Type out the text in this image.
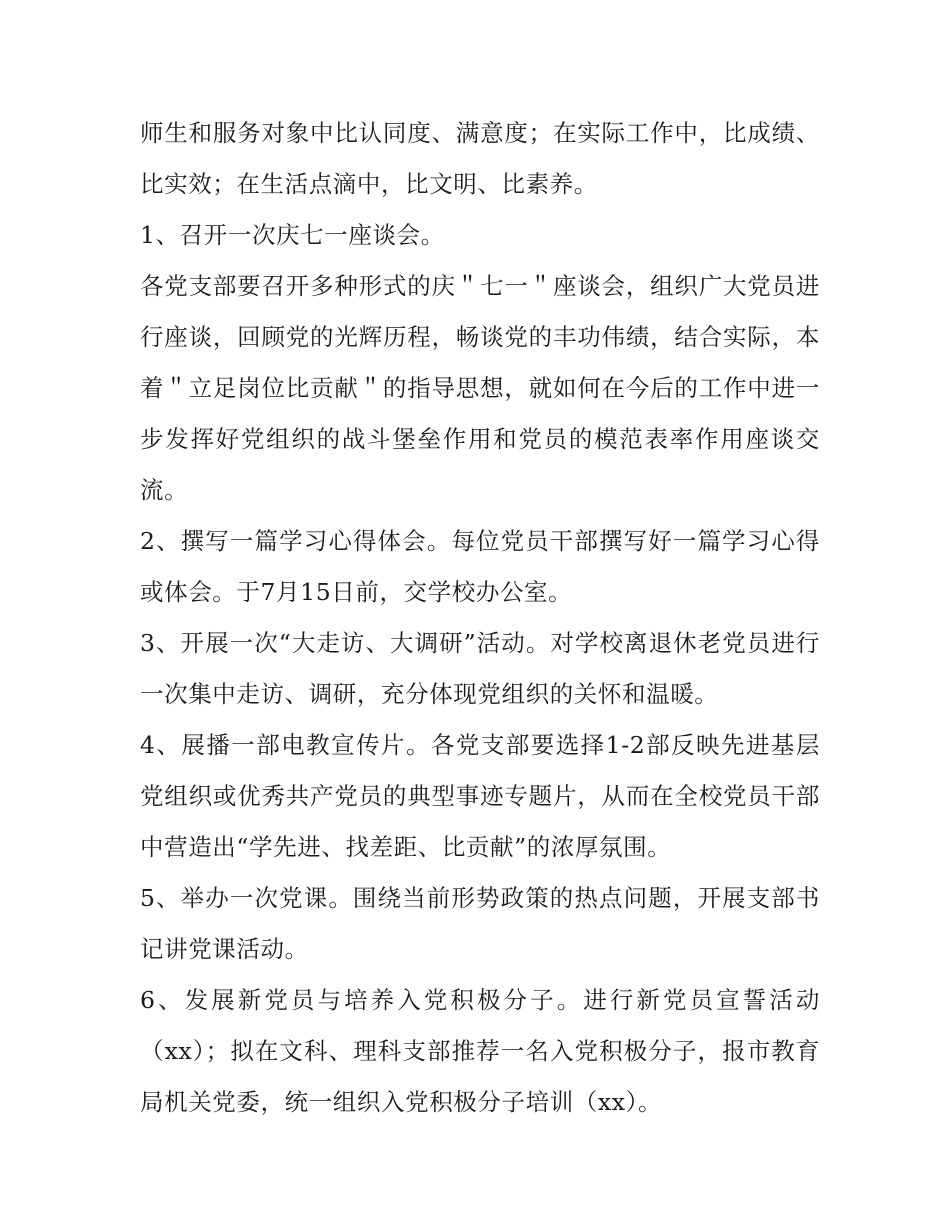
师生和服务对象中比认同度、满意度；在实际工作中，比成绩、比实效；在生活点滴中，比文明、比素养。

1、召开一次庆七一座谈会。

各党支部要召开多种形式的庆＂七一＂座谈会，组织广大党员进行座谈，回顾党的光辉历程，畅谈党的丰功伟绩，结合实际，本着＂立足岗位比贡献＂的指导思想，就如何在今后的工作中进一步发挥好党组织的战斗堡垒作用和党员的模范表率作用座谈交流。

2、撰写一篇学习心得体会。每位党员干部撰写好一篇学习心得或体会。于7月15日前，交学校办公室。

3、开展一次“大走访、大调研”活动。对学校离退休老党员进行一次集中走访、调研，充分体现党组织的关怀和温暖。

4、展播一部电教宣传片。各党支部要选择1-2部反映先进基层党组织或优秀共产党员的典型事迹专题片，从而在全校党员干部中营造出“学先进、找差距、比贡献”的浓厚氛围。

5、举办一次党课。围绕当前形势政策的热点问题，开展支部书记讲党课活动。

6、发展新党员与培养入党积极分子。进行新党员宣誓活动（xx）；拟在文科、理科支部推荐一名入党积极分子，报市教育局机关党委，统一组织入党积极分子培训（xx）。
